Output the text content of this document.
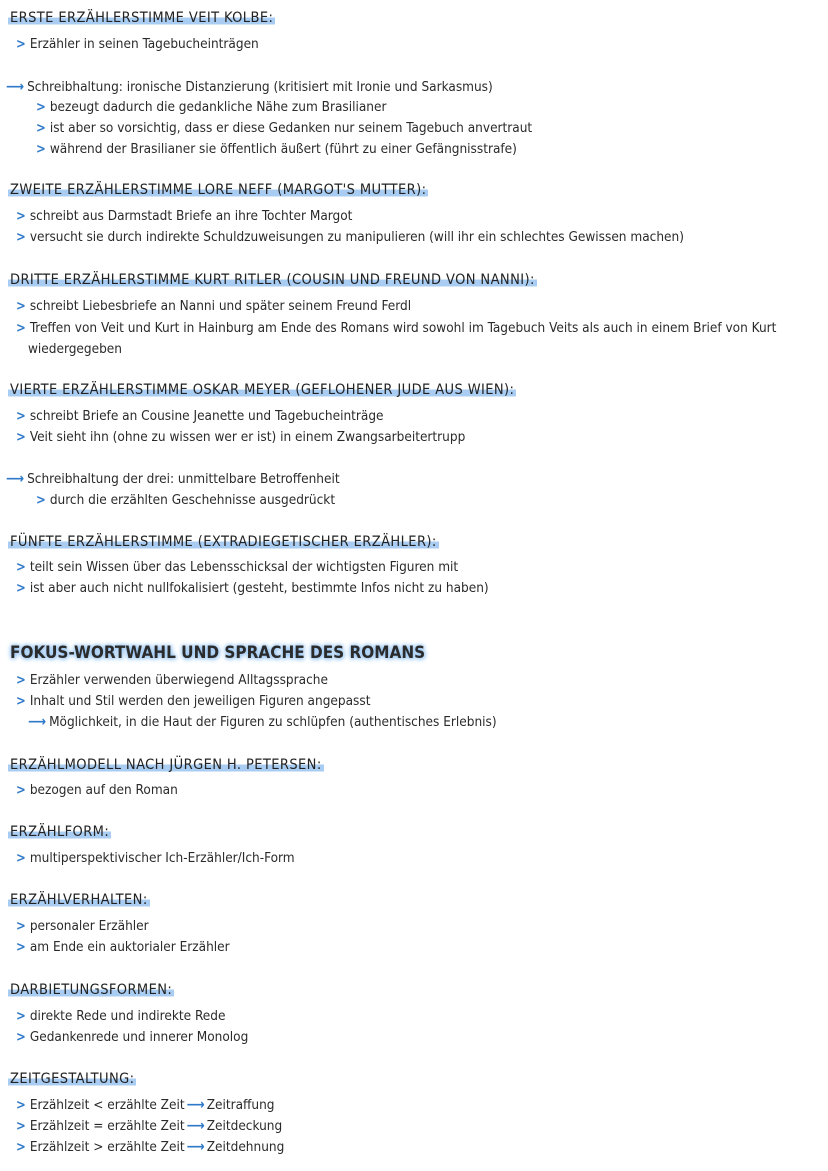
ERSTE ERZÄHLERSTIMME VEIT KOLBE:
> Erzähler in seinen Tagebucheinträgen
⟶ Schreibhaltung: ironische Distanzierung (kritisiert mit Ironie und Sarkasmus)
> bezeugt dadurch die gedankliche Nähe zum Brasilianer
> ist aber so vorsichtig, dass er diese Gedanken nur seinem Tagebuch anvertraut
> während der Brasilianer sie öffentlich äußert (führt zu einer Gefängnisstrafe)
ZWEITE ERZÄHLERSTIMME LORE NEFF (MARGOT'S MUTTER):
> schreibt aus Darmstadt Briefe an ihre Tochter Margot
> versucht sie durch indirekte Schuldzuweisungen zu manipulieren (will ihr ein schlechtes Gewissen machen)
DRITTE ERZÄHLERSTIMME KURT RITLER (COUSIN UND FREUND VON NANNI):
> schreibt Liebesbriefe an Nanni und später seinem Freund Ferdl
> Treffen von Veit und Kurt in Hainburg am Ende des Romans wird sowohl im Tagebuch Veits als auch in einem Brief von Kurt wiedergegeben
VIERTE ERZÄHLERSTIMME OSKAR MEYER (GEFLOHENER JUDE AUS WIEN):
> schreibt Briefe an Cousine Jeanette und Tagebucheinträge
> Veit sieht ihn (ohne zu wissen wer er ist) in einem Zwangsarbeitertrupp
⟶ Schreibhaltung der drei: unmittelbare Betroffenheit
> durch die erzählten Geschehnisse ausgedrückt
FÜNFTE ERZÄHLERSTIMME (EXTRADIEGETISCHER ERZÄHLER):
> teilt sein Wissen über das Lebensschicksal der wichtigsten Figuren mit
> ist aber auch nicht nullfokalisiert (gesteht, bestimmte Infos nicht zu haben)
FOKUS-WORTWAHL UND SPRACHE DES ROMANS
> Erzähler verwenden überwiegend Alltagssprache
> Inhalt und Stil werden den jeweiligen Figuren angepasst
⟶ Möglichkeit, in die Haut der Figuren zu schlüpfen (authentisches Erlebnis)
ERZÄHLMODELL NACH JÜRGEN H. PETERSEN:
> bezogen auf den Roman
ERZÄHLFORM:
> multiperspektivischer Ich-Erzähler/Ich-Form
ERZÄHLVERHALTEN:
> personaler Erzähler
> am Ende ein auktorialer Erzähler
DARBIETUNGSFORMEN:
> direkte Rede und indirekte Rede
> Gedankenrede und innerer Monolog
ZEITGESTALTUNG:
> Erzählzeit < erzählte Zeit ⟶ Zeitraffung
> Erzählzeit = erzählte Zeit ⟶ Zeitdeckung
> Erzählzeit > erzählte Zeit ⟶ Zeitdehnung
